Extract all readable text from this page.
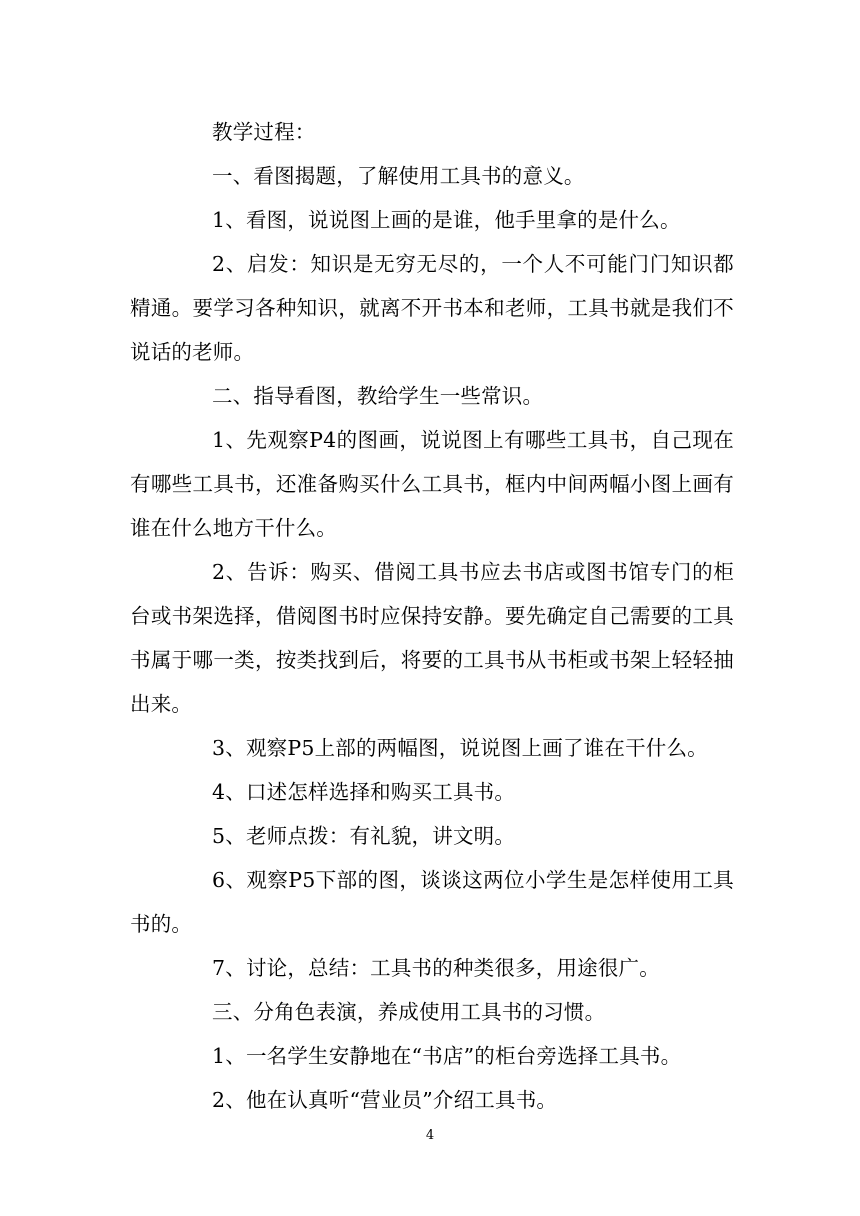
教学过程：

一、看图揭题，了解使用工具书的意义。

1、看图，说说图上画的是谁，他手里拿的是什么。

2、启发：知识是无穷无尽的，一个人不可能门门知识都精通。要学习各种知识，就离不开书本和老师，工具书就是我们不说话的老师。

二、指导看图，教给学生一些常识。

1、先观察P4的图画，说说图上有哪些工具书，自己现在有哪些工具书，还准备购买什么工具书，框内中间两幅小图上画有谁在什么地方干什么。

2、告诉：购买、借阅工具书应去书店或图书馆专门的柜台或书架选择，借阅图书时应保持安静。要先确定自己需要的工具书属于哪一类，按类找到后，将要的工具书从书柜或书架上轻轻抽出来。

3、观察P5上部的两幅图，说说图上画了谁在干什么。

4、口述怎样选择和购买工具书。

5、老师点拨：有礼貌，讲文明。

6、观察P5下部的图，谈谈这两位小学生是怎样使用工具书的。

7、讨论，总结：工具书的种类很多，用途很广。

三、分角色表演，养成使用工具书的习惯。

1、一名学生安静地在“书店”的柜台旁选择工具书。

2、他在认真听“营业员”介绍工具书。

4
